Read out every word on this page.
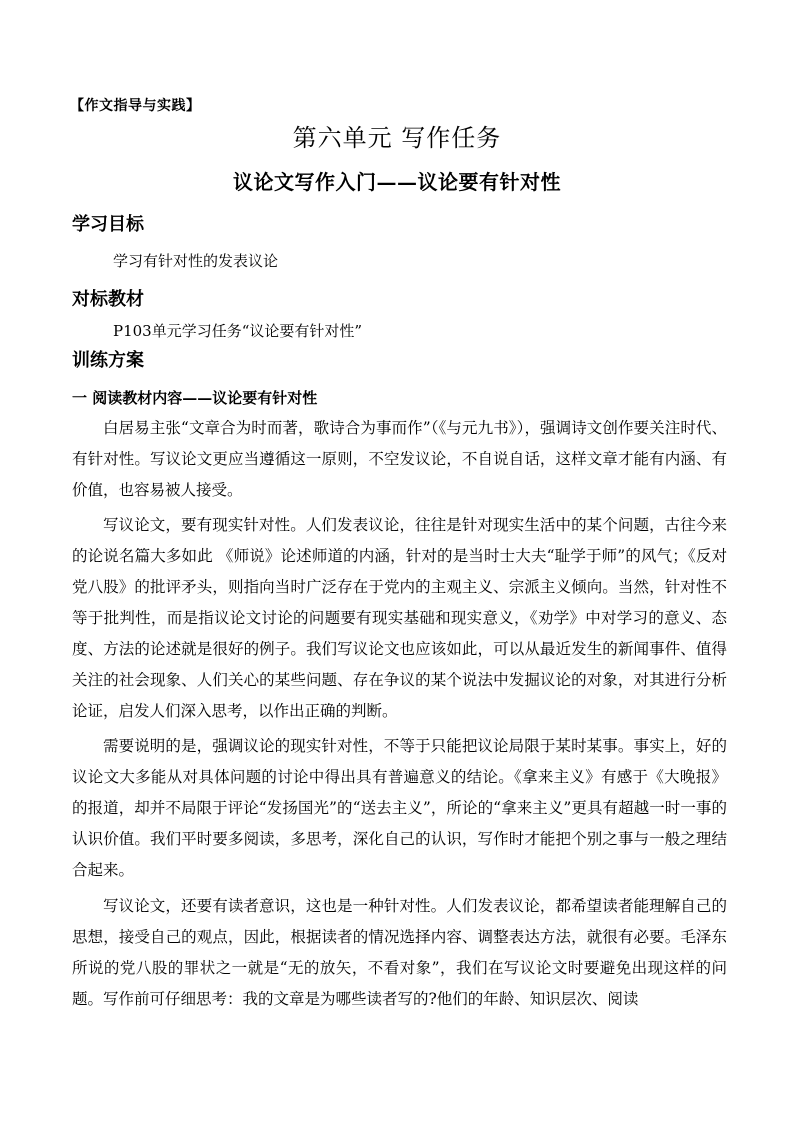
【作文指导与实践】
第六单元 写作任务
议论文写作入门——议论要有针对性
学习目标
学习有针对性的发表议论
对标教材
P103单元学习任务“议论要有针对性”
训练方案
一 阅读教材内容——议论要有针对性

白居易主张“文章合为时而著，歌诗合为事而作”（《与元九书》），强调诗文创作要关注时代、有针对性。写议论文更应当遵循这一原则，不空发议论，不自说自话，这样文章才能有内涵、有价值，也容易被人接受。

写议论文，要有现实针对性。人们发表议论，往往是针对现实生活中的某个问题，古往今来的论说名篇大多如此 《师说》论述师道的内涵，针对的是当时士大夫“耻学于师”的风气；《反对党八股》的批评矛头，则指向当时广泛存在于党内的主观主义、宗派主义倾向。当然，针对性不等于批判性，而是指议论文讨论的问题要有现实基础和现实意义，《劝学》中对学习的意义、态度、方法的论述就是很好的例子。我们写议论文也应该如此，可以从最近发生的新闻事件、值得关注的社会现象、人们关心的某些问题、存在争议的某个说法中发掘议论的对象，对其进行分析论证，启发人们深入思考，以作出正确的判断。

需要说明的是，强调议论的现实针对性，不等于只能把议论局限于某时某事。事实上，好的议论文大多能从对具体问题的讨论中得出具有普遍意义的结论。《拿来主义》有感于《大晚报》的报道，却并不局限于评论“发扬国光”的“送去主义”，所论的“拿来主义”更具有超越一时一事的认识价值。我们平时要多阅读，多思考，深化自己的认识，写作时才能把个别之事与一般之理结合起来。

写议论文，还要有读者意识，这也是一种针对性。人们发表议论，都希望读者能理解自己的思想，接受自己的观点，因此，根据读者的情况选择内容、调整表达方法，就很有必要。毛泽东所说的党八股的罪状之一就是“无的放矢，不看对象”，我们在写议论文时要避免出现这样的问题。写作前可仔细思考：我的文章是为哪些读者写的?他们的年龄、知识层次、阅读
